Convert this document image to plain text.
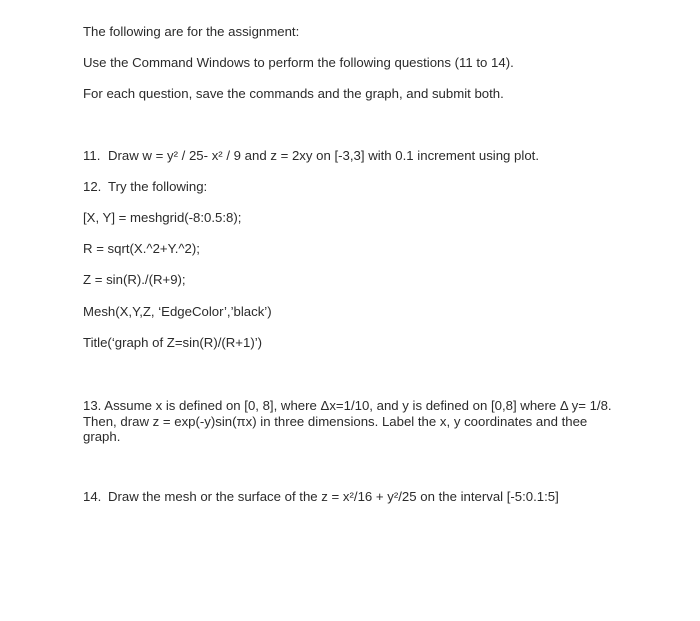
The following are for the assignment:
Use the Command Windows to perform the following questions (11 to 14).
For each question, save the commands and the graph, and submit both.
11. Draw w = y² / 25- x² / 9 and z = 2xy on [-3,3] with 0.1 increment using plot.
12. Try the following:
[X, Y] = meshgrid(-8:0.5:8);
R = sqrt(X.^2+Y.^2);
Z = sin(R)./(R+9);
Mesh(X,Y,Z, ‘EdgeColor’,’black’)
Title(‘graph of Z=sin(R)/(R+1)’)
13. Assume x is defined on [0, 8], where Δx=1/10, and y is defined on [0,8] where Δ y= 1/8. Then, draw z = exp(-y)sin(πx) in three dimensions. Label the x, y coordinates and thee graph.
14. Draw the mesh or the surface of the z = x²/16 + y²/25 on the interval [-5:0.1:5]
